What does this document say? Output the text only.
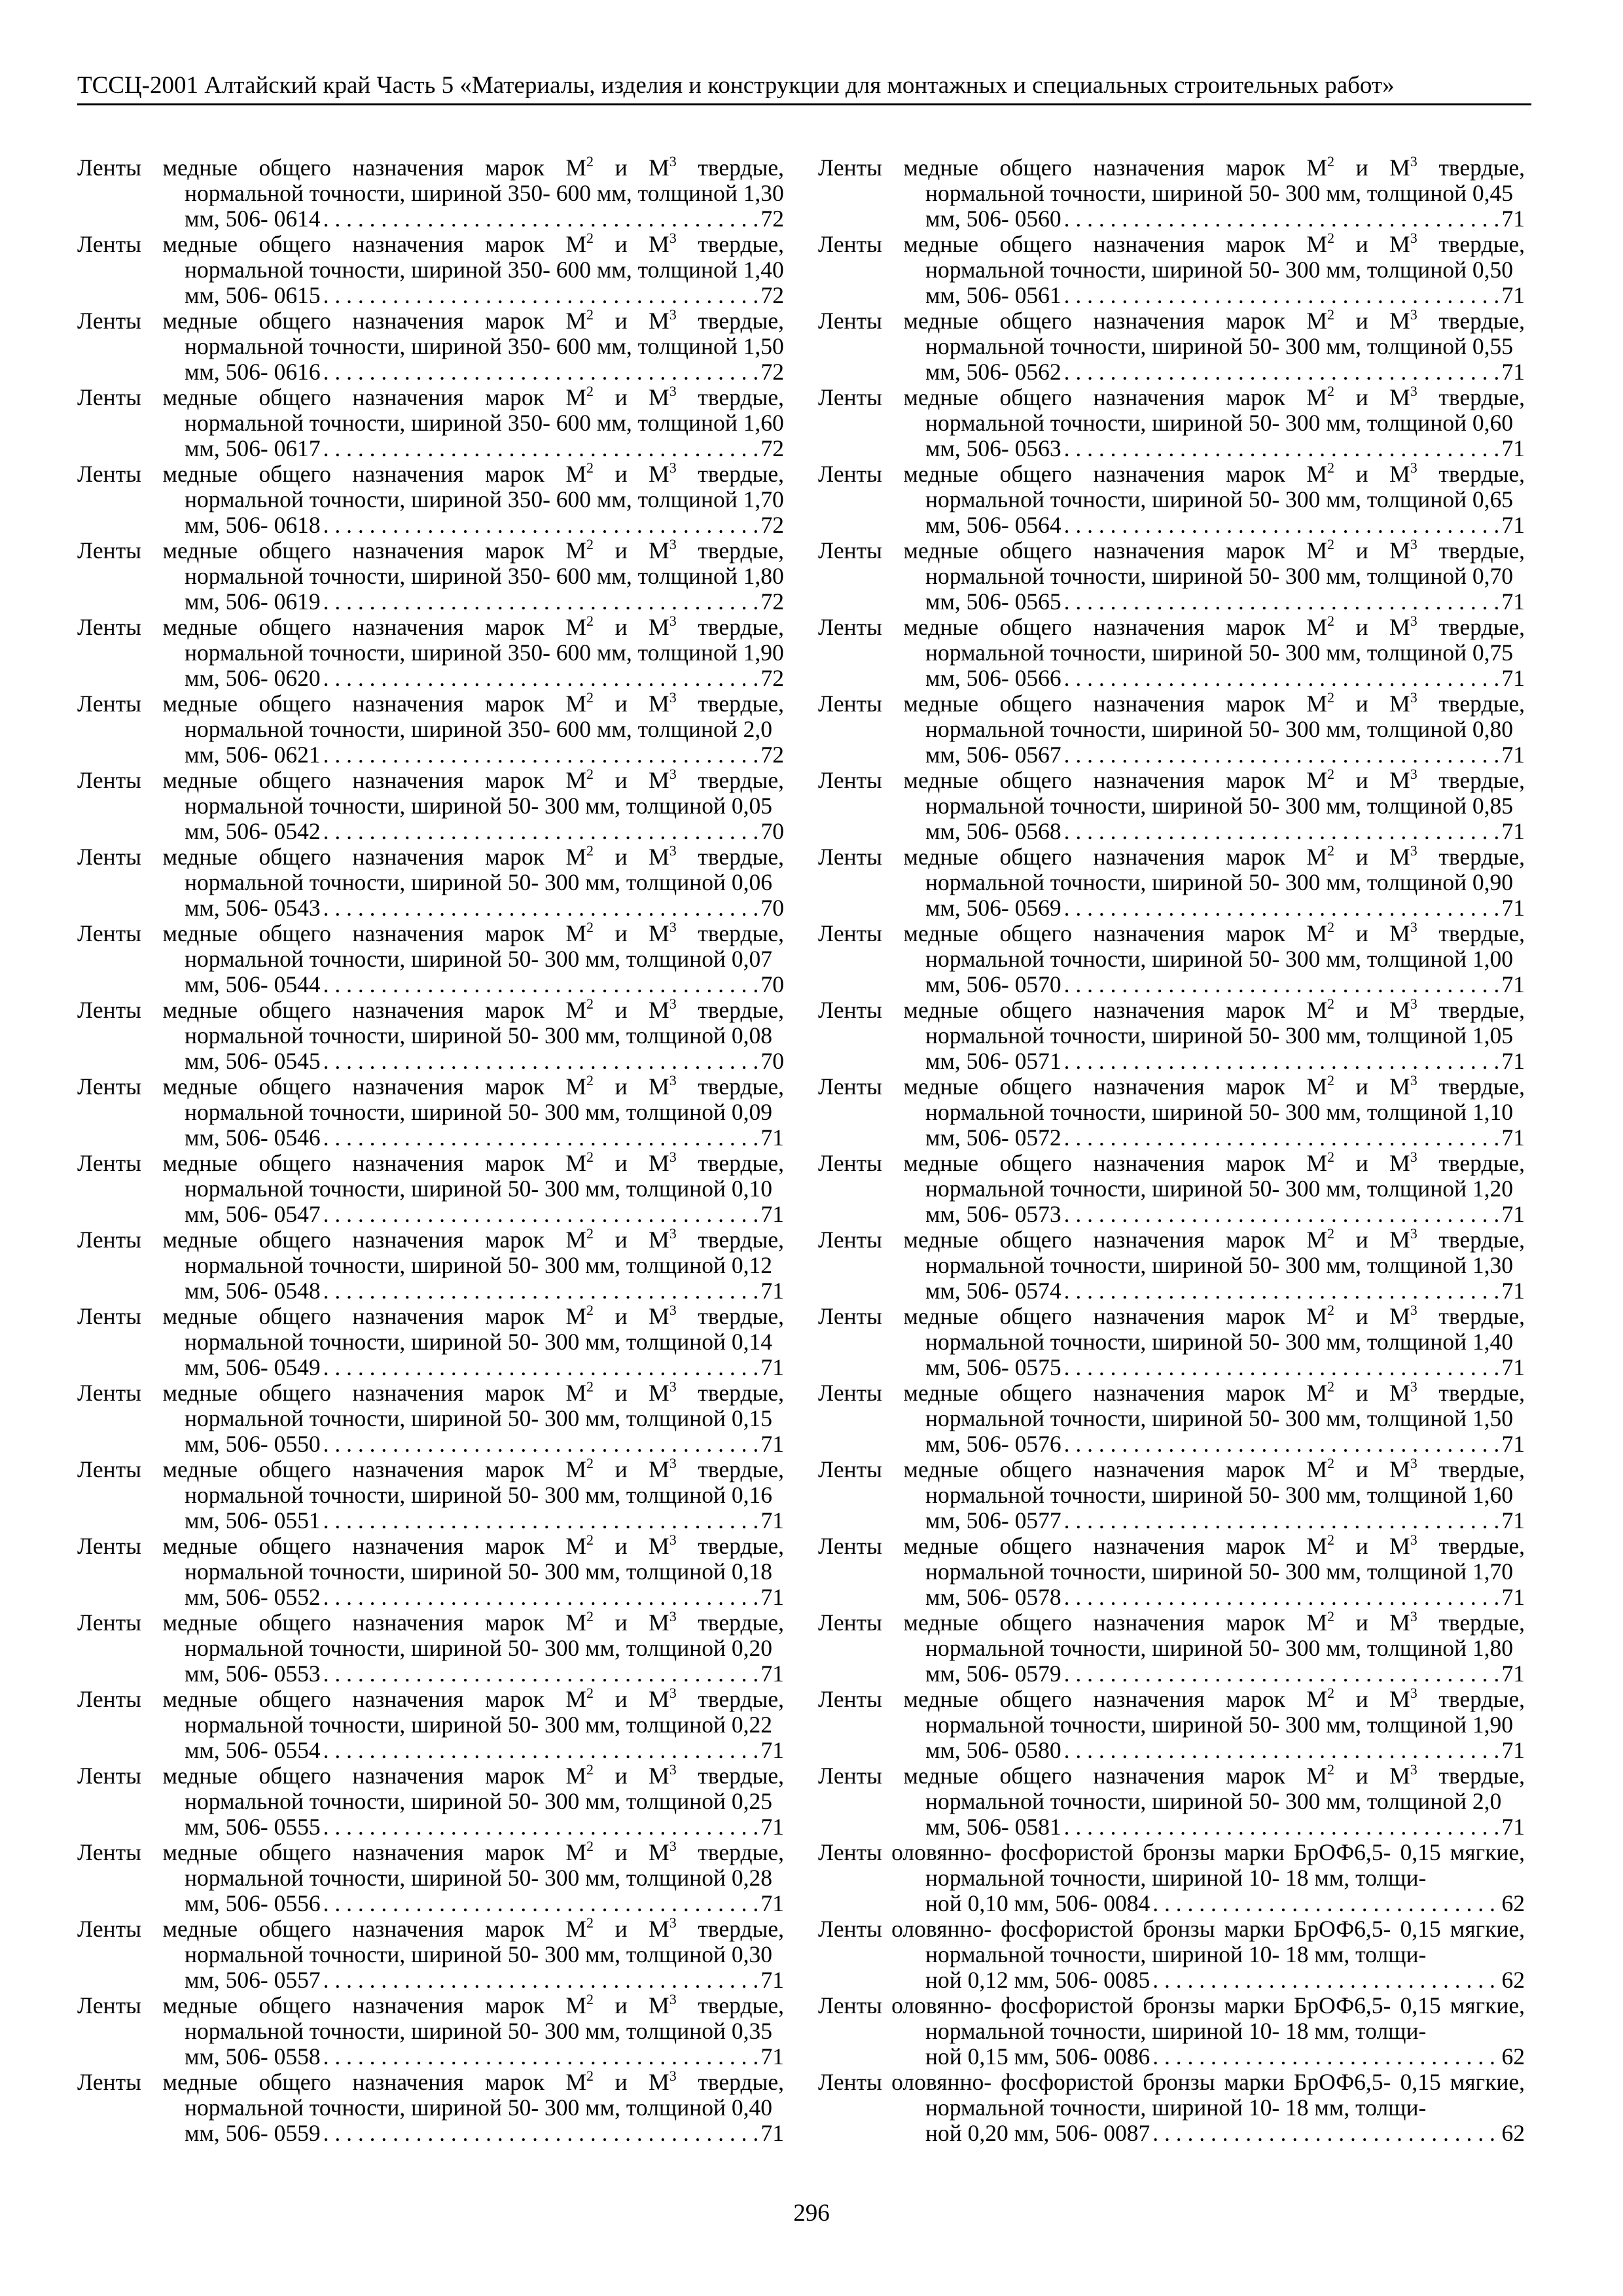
ТССЦ-2001 Алтайский край Часть 5 «Материалы, изделия и конструкции для монтажных и специальных строительных работ»

Ленты медные общего назначения марок $М^2$ и $М^3$ твердые, нормальной точности, шириной 350- 600 мм, толщиной 1,30
мм, 506- 0614 . . .	72

Ленты медные общего назначения марок $М^2$ и $М^3$ твердые, нормальной точности, шириной 350- 600 мм, толщиной 1,40
мм, 506- 0615 . . .	72

Ленты медные общего назначения марок $М^2$ и $М^3$ твердые, нормальной точности, шириной 350- 600 мм, толщиной 1,50
мм, 506- 0616 . . .	72

Ленты медные общего назначения марок $М^2$ и $М^3$ твердые, нормальной точности, шириной 350- 600 мм, толщиной 1,60
мм, 506- 0617 . . .	72

Ленты медные общего назначения марок $М^2$ и $М^3$ твердые, нормальной точности, шириной 350- 600 мм, толщиной 1,70
мм, 506- 0618 . . .	72

Ленты медные общего назначения марок $М^2$ и $М^3$ твердые, нормальной точности, шириной 350- 600 мм, толщиной 1,80
мм, 506- 0619 . . .	72

Ленты медные общего назначения марок $М^2$ и $М^3$ твердые, нормальной точности, шириной 350- 600 мм, толщиной 1,90
мм, 506- 0620 . . .	72

Ленты медные общего назначения марок $М^2$ и $М^3$ твердые, нормальной точности, шириной 350- 600 мм, толщиной 2,0
мм, 506- 0621 . . .	72

Ленты медные общего назначения марок $М^2$ и $М^3$ твердые, нормальной точности, шириной 50- 300 мм, толщиной 0,05
мм, 506- 0542 . . .	70

Ленты медные общего назначения марок $М^2$ и $М^3$ твердые, нормальной точности, шириной 50- 300 мм, толщиной 0,06
мм, 506- 0543 . . .	70

Ленты медные общего назначения марок $М^2$ и $М^3$ твердые, нормальной точности, шириной 50- 300 мм, толщиной 0,07
мм, 506- 0544 . . .	70

Ленты медные общего назначения марок $М^2$ и $М^3$ твердые, нормальной точности, шириной 50- 300 мм, толщиной 0,08
мм, 506- 0545 . . .	70

Ленты медные общего назначения марок $М^2$ и $М^3$ твердые, нормальной точности, шириной 50- 300 мм, толщиной 0,09
мм, 506- 0546 . . .	71

Ленты медные общего назначения марок $М^2$ и $М^3$ твердые, нормальной точности, шириной 50- 300 мм, толщиной 0,10
мм, 506- 0547 . . .	71

Ленты медные общего назначения марок $М^2$ и $М^3$ твердые, нормальной точности, шириной 50- 300 мм, толщиной 0,12
мм, 506- 0548 . . .	71

Ленты медные общего назначения марок $М^2$ и $М^3$ твердые, нормальной точности, шириной 50- 300 мм, толщиной 0,14
мм, 506- 0549 . . .	71

Ленты медные общего назначения марок $М^2$ и $М^3$ твердые, нормальной точности, шириной 50- 300 мм, толщиной 0,15
мм, 506- 0550 . . .	71

Ленты медные общего назначения марок $М^2$ и $М^3$ твердые, нормальной точности, шириной 50- 300 мм, толщиной 0,16
мм, 506- 0551 . . .	71

Ленты медные общего назначения марок $М^2$ и $М^3$ твердые, нормальной точности, шириной 50- 300 мм, толщиной 0,18
мм, 506- 0552 . . .	71

Ленты медные общего назначения марок $М^2$ и $М^3$ твердые, нормальной точности, шириной 50- 300 мм, толщиной 0,20
мм, 506- 0553 . . .	71

Ленты медные общего назначения марок $М^2$ и $М^3$ твердые, нормальной точности, шириной 50- 300 мм, толщиной 0,22
мм, 506- 0554 . . .	71

Ленты медные общего назначения марок $М^2$ и $М^3$ твердые, нормальной точности, шириной 50- 300 мм, толщиной 0,25
мм, 506- 0555 . . .	71

Ленты медные общего назначения марок $М^2$ и $М^3$ твердые, нормальной точности, шириной 50- 300 мм, толщиной 0,28
мм, 506- 0556 . . .	71

Ленты медные общего назначения марок $М^2$ и $М^3$ твердые, нормальной точности, шириной 50- 300 мм, толщиной 0,30
мм, 506- 0557 . . .	71

Ленты медные общего назначения марок $М^2$ и $М^3$ твердые, нормальной точности, шириной 50- 300 мм, толщиной 0,35
мм, 506- 0558 . . .	71

Ленты медные общего назначения марок $М^2$ и $М^3$ твердые, нормальной точности, шириной 50- 300 мм, толщиной 0,40
мм, 506- 0559 . . .	71

Ленты медные общего назначения марок $М^2$ и $М^3$ твердые, нормальной точности, шириной 50- 300 мм, толщиной 0,45
мм, 506- 0560 . . .	71

Ленты медные общего назначения марок $М^2$ и $М^3$ твердые, нормальной точности, шириной 50- 300 мм, толщиной 0,50
мм, 506- 0561 . . .	71

Ленты медные общего назначения марок $М^2$ и $М^3$ твердые, нормальной точности, шириной 50- 300 мм, толщиной 0,55
мм, 506- 0562 . . .	71

Ленты медные общего назначения марок $М^2$ и $М^3$ твердые, нормальной точности, шириной 50- 300 мм, толщиной 0,60
мм, 506- 0563 . . .	71

Ленты медные общего назначения марок $М^2$ и $М^3$ твердые, нормальной точности, шириной 50- 300 мм, толщиной 0,65
мм, 506- 0564 . . .	71

Ленты медные общего назначения марок $М^2$ и $М^3$ твердые, нормальной точности, шириной 50- 300 мм, толщиной 0,70
мм, 506- 0565 . . .	71

Ленты медные общего назначения марок $М^2$ и $М^3$ твердые, нормальной точности, шириной 50- 300 мм, толщиной 0,75
мм, 506- 0566 . . .	71

Ленты медные общего назначения марок $М^2$ и $М^3$ твердые, нормальной точности, шириной 50- 300 мм, толщиной 0,80
мм, 506- 0567 . . .	71

Ленты медные общего назначения марок $М^2$ и $М^3$ твердые, нормальной точности, шириной 50- 300 мм, толщиной 0,85
мм, 506- 0568 . . .	71

Ленты медные общего назначения марок $М^2$ и $М^3$ твердые, нормальной точности, шириной 50- 300 мм, толщиной 0,90
мм, 506- 0569 . . .	71

Ленты медные общего назначения марок $М^2$ и $М^3$ твердые, нормальной точности, шириной 50- 300 мм, толщиной 1,00
мм, 506- 0570 . . .	71

Ленты медные общего назначения марок $М^2$ и $М^3$ твердые, нормальной точности, шириной 50- 300 мм, толщиной 1,05
мм, 506- 0571 . . .	71

Ленты медные общего назначения марок $М^2$ и $М^3$ твердые, нормальной точности, шириной 50- 300 мм, толщиной 1,10
мм, 506- 0572 . . .	71

Ленты медные общего назначения марок $М^2$ и $М^3$ твердые, нормальной точности, шириной 50- 300 мм, толщиной 1,20
мм, 506- 0573 . . .	71

Ленты медные общего назначения марок $М^2$ и $М^3$ твердые, нормальной точности, шириной 50- 300 мм, толщиной 1,30
мм, 506- 0574 . . .	71

Ленты медные общего назначения марок $М^2$ и $М^3$ твердые, нормальной точности, шириной 50- 300 мм, толщиной 1,40
мм, 506- 0575 . . .	71

Ленты медные общего назначения марок $М^2$ и $М^3$ твердые, нормальной точности, шириной 50- 300 мм, толщиной 1,50
мм, 506- 0576 . . .	71

Ленты медные общего назначения марок $М^2$ и $М^3$ твердые, нормальной точности, шириной 50- 300 мм, толщиной 1,60
мм, 506- 0577 . . .	71

Ленты медные общего назначения марок $М^2$ и $М^3$ твердые, нормальной точности, шириной 50- 300 мм, толщиной 1,70
мм, 506- 0578 . . .	71

Ленты медные общего назначения марок $М^2$ и $М^3$ твердые, нормальной точности, шириной 50- 300 мм, толщиной 1,80
мм, 506- 0579 . . .	71

Ленты медные общего назначения марок $М^2$ и $М^3$ твердые, нормальной точности, шириной 50- 300 мм, толщиной 1,90
мм, 506- 0580 . . .	71

Ленты медные общего назначения марок $М^2$ и $М^3$ твердые, нормальной точности, шириной 50- 300 мм, толщиной 2,0
мм, 506- 0581 . . .	71

Ленты оловянно- фосфористой бронзы марки БрОФ6,5- 0,15 мягкие, нормальной точности, шириной 10- 18 мм, толщи-
ной 0,10 мм, 506- 0084 . . .	62

Ленты оловянно- фосфористой бронзы марки БрОФ6,5- 0,15 мягкие, нормальной точности, шириной 10- 18 мм, толщи-
ной 0,12 мм, 506- 0085 . . .	62

Ленты оловянно- фосфористой бронзы марки БрОФ6,5- 0,15 мягкие, нормальной точности, шириной 10- 18 мм, толщи-
ной 0,15 мм, 506- 0086 . . .	62

Ленты оловянно- фосфористой бронзы марки БрОФ6,5- 0,15 мягкие, нормальной точности, шириной 10- 18 мм, толщи-
ной 0,20 мм, 506- 0087 . . .	62

296
